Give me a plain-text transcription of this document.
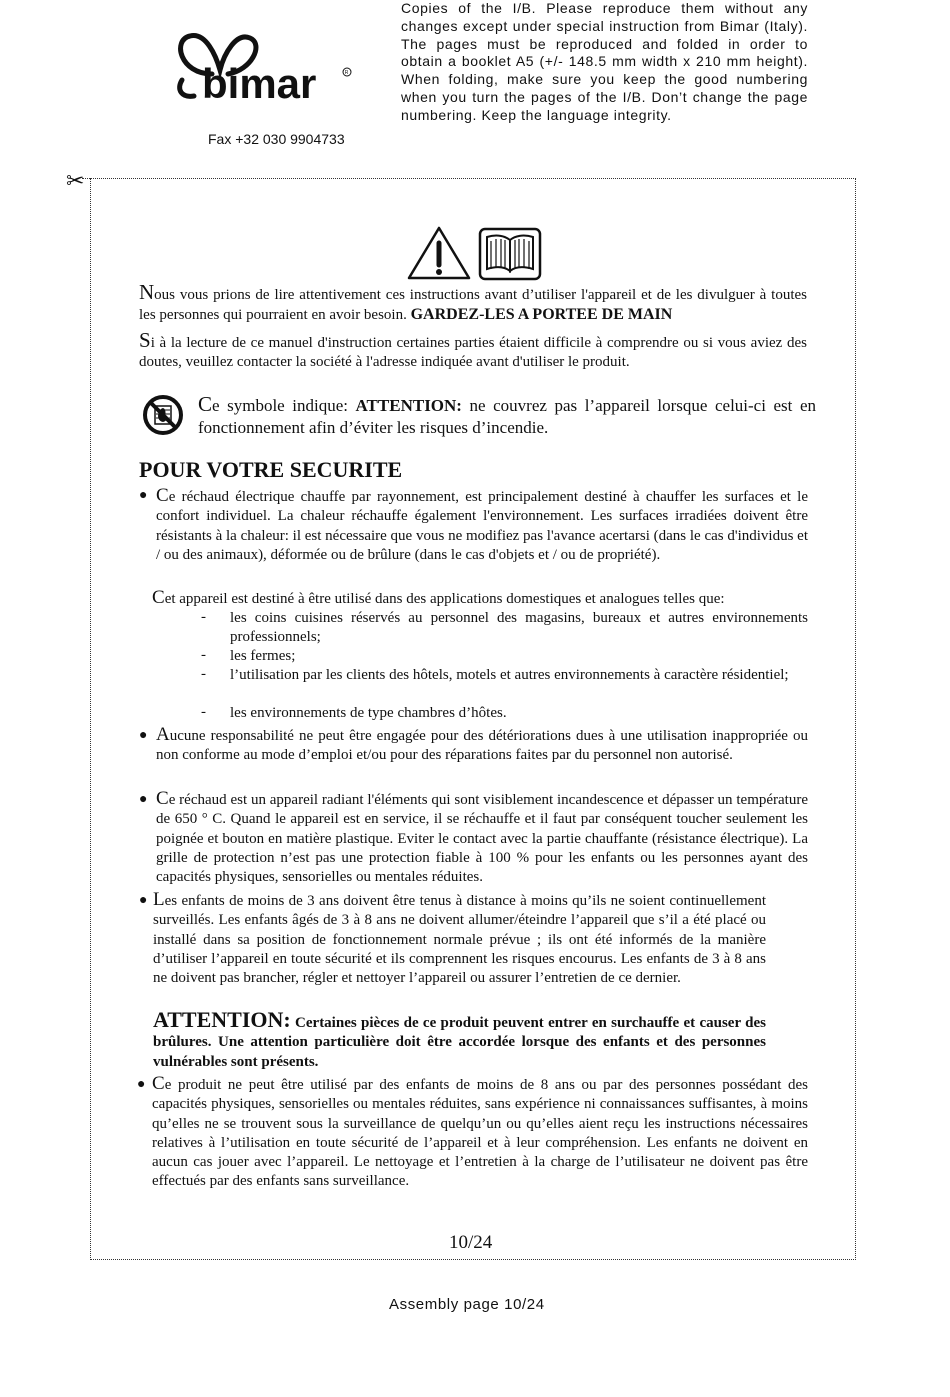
bimar	R
Fax +32 030 9904733
Copies of the I/B. Please reproduce them without any changes except under special instruction from Bimar (Italy). The pages must be reproduced and folded in order to obtain a booklet A5 (+/- 148.5 mm width x 210 mm height). When folding, make sure you keep the good numbering when you turn the pages of the I/B. Don’t change the page numbering. Keep the language integrity.
✂
Nous vous prions de lire attentivement ces instructions avant d’utiliser l'appareil et de les divulguer à toutes les personnes qui pourraient en avoir besoin. GARDEZ-LES A PORTEE DE MAIN
Si à la lecture de ce manuel d'instruction certaines parties étaient difficile à comprendre ou si vous aviez des doutes, veuillez contacter la société à l'adresse indiquée avant d'utiliser le produit.
Ce symbole indique: ATTENTION: ne couvrez pas l’appareil lorsque celui-ci est en fonctionnement afin d’éviter les risques d’incendie.
POUR VOTRE SECURITE
● Ce réchaud électrique chauffe par rayonnement, est principalement destiné à chauffer les surfaces et le confort individuel. La chaleur réchauffe également l'environnement. Les surfaces irradiées doivent être résistants à la chaleur: il est nécessaire que vous ne modifiez pas l'avance acertarsi (dans le cas d'individus et / ou des animaux), déformée ou de brûlure (dans le cas d'objets et / ou de propriété).
Cet appareil est destiné à être utilisé dans des applications domestiques et analogues telles que:
- les coins cuisines réservés au personnel des magasins, bureaux et autres environnements professionnels;
- les fermes;
- l’utilisation par les clients des hôtels, motels et autres environnements à caractère résidentiel;
- les environnements de type chambres d’hôtes.
● Aucune responsabilité ne peut être engagée pour des détériorations dues à une utilisation inappropriée ou non conforme au mode d’emploi et/ou pour des réparations faites par du personnel non autorisé.
● Ce réchaud est un appareil radiant l'éléments qui sont visiblement incandescence et dépasser un température de 650 ° C. Quand le appareil est en service, il se réchauffe et il faut par conséquent toucher seulement les poignée et bouton en matière plastique. Eviter le contact avec la partie chauffante (résistance électrique). La grille de protection n’est pas une protection fiable à 100 % pour les enfants ou les personnes ayant des capacités physiques, sensorielles ou mentales réduites.
● Les enfants de moins de 3 ans doivent être tenus à distance à moins qu’ils ne soient continuellement surveillés. Les enfants âgés de 3 à 8 ans ne doivent allumer/éteindre l’appareil que s’il a été placé ou installé dans sa position de fonctionnement normale prévue ; ils ont été informés de la manière d’utiliser l’appareil en toute sécurité et ils comprennent les risques encourus. Les enfants de 3 à 8 ans ne doivent pas brancher, régler et nettoyer l’appareil ou assurer l’entretien de ce dernier.
ATTENTION: Certaines pièces de ce produit peuvent entrer en surchauffe et causer des brûlures. Une attention particulière doit être accordée lorsque des enfants et des personnes vulnérables sont présents.
● Ce produit ne peut être utilisé par des enfants de moins de 8 ans ou par des personnes possédant des capacités physiques, sensorielles ou mentales réduites, sans expérience ni connaissances suffisantes, à moins qu’elles ne se trouvent sous la surveillance de quelqu’un ou qu’elles aient reçu les instructions nécessaires relatives à l’utilisation en toute sécurité de l’appareil et à leur compréhension. Les enfants ne doivent en aucun cas jouer avec l’appareil. Le nettoyage et l’entretien à la charge de l’utilisateur ne doivent pas être effectués par des enfants sans surveillance.
10/24
Assembly page 10/24
